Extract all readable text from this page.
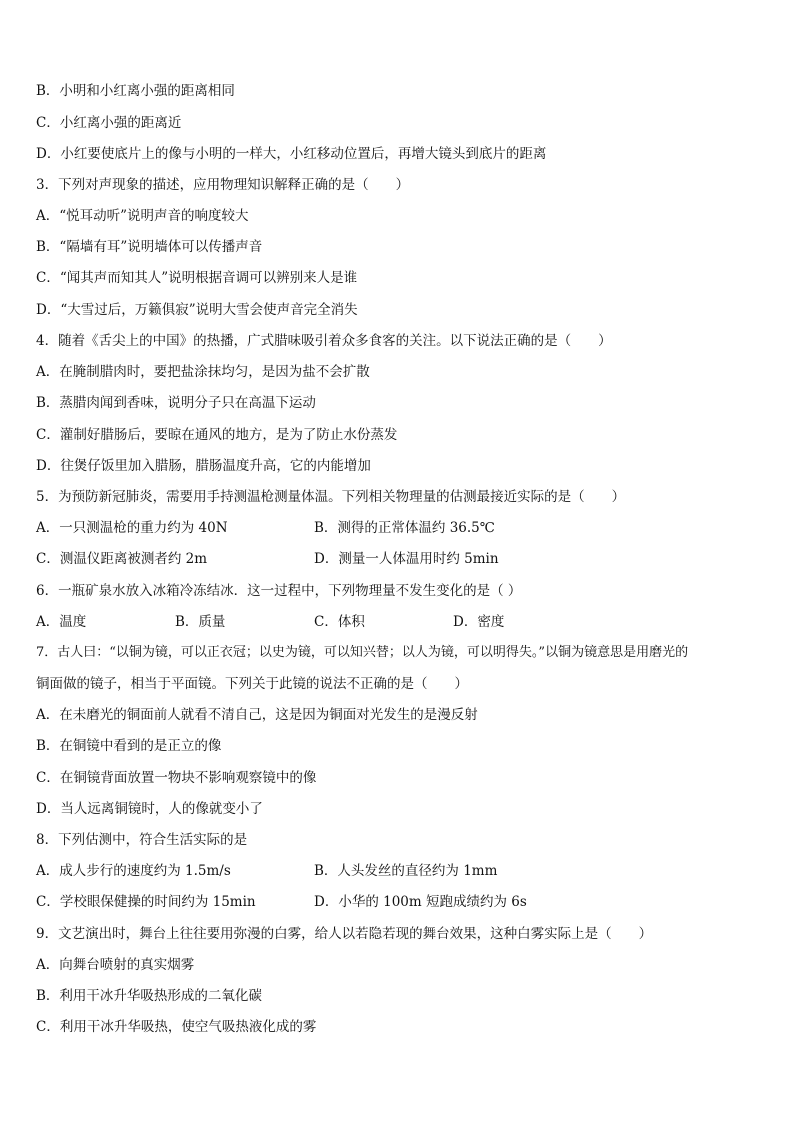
B．小明和小红离小强的距离相同
C．小红离小强的距离近
D．小红要使底片上的像与小明的一样大，小红移动位置后，再增大镜头到底片的距离
3．下列对声现象的描述，应用物理知识解释正确的是（　　）
A．“悦耳动听”说明声音的响度较大
B．“隔墙有耳”说明墙体可以传播声音
C．“闻其声而知其人”说明根据音调可以辨别来人是谁
D．“大雪过后，万籁俱寂”说明大雪会使声音完全消失
4．随着《舌尖上的中国》的热播，广式腊味吸引着众多食客的关注。以下说法正确的是（　　）
A．在腌制腊肉时，要把盐涂抹均匀，是因为盐不会扩散
B．蒸腊肉闻到香味，说明分子只在高温下运动
C．灌制好腊肠后，要晾在通风的地方，是为了防止水份蒸发
D．往煲仔饭里加入腊肠，腊肠温度升高，它的内能增加
5．为预防新冠肺炎，需要用手持测温枪测量体温。下列相关物理量的估测最接近实际的是（　　）
A．一只测温枪的重力约为 40N	B．测得的正常体温约 36.5℃
C．测温仪距离被测者约 2m	D．测量一人体温用时约 5min
6．一瓶矿泉水放入冰箱冷冻结冰．这一过程中，下列物理量不发生变化的是（ ）
A．温度	B．质量	C．体积	D．密度
7．古人曰：“以铜为镜，可以正衣冠；以史为镜，可以知兴替；以人为镜，可以明得失。”以铜为镜意思是用磨光的
铜面做的镜子，相当于平面镜。下列关于此镜的说法不正确的是（　　）
A．在未磨光的铜面前人就看不清自己，这是因为铜面对光发生的是漫反射
B．在铜镜中看到的是正立的像
C．在铜镜背面放置一物块不影响观察镜中的像
D．当人远离铜镜时，人的像就变小了
8．下列估测中，符合生活实际的是
A．成人步行的速度约为 1.5m/s	B．人头发丝的直径约为 1mm
C．学校眼保健操的时间约为 15min	D．小华的 100m 短跑成绩约为 6s
9．文艺演出时，舞台上往往要用弥漫的白雾，给人以若隐若现的舞台效果，这种白雾实际上是（　　）
A．向舞台喷射的真实烟雾
B．利用干冰升华吸热形成的二氧化碳
C．利用干冰升华吸热，使空气吸热液化成的雾
